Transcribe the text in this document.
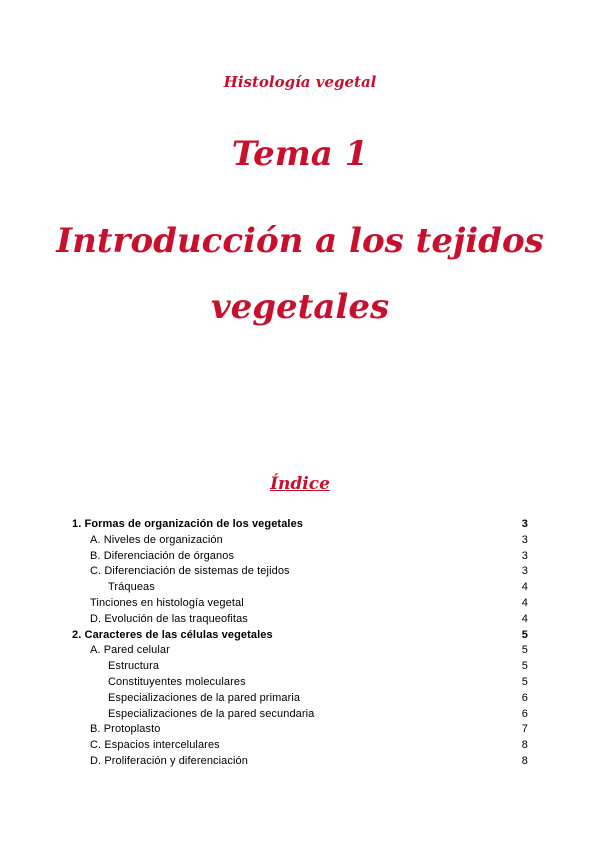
Histología vegetal

Tema 1

Introducción a los tejidos vegetales

Índice

1. Formas de organización de los vegetales	3
A. Niveles de organización	3
B. Diferenciación de órganos	3
C. Diferenciación de sistemas de tejidos	3
Tráqueas	4
Tinciones en histología vegetal	4
D. Evolución de las traqueofitas	4
2. Caracteres de las células vegetales	5
A. Pared celular	5
Estructura	5
Constituyentes moleculares	5
Especializaciones de la pared primaria	6
Especializaciones de la pared secundaria	6
B. Protoplasto	7
C. Espacios intercelulares	8
D. Proliferación y diferenciación	8
